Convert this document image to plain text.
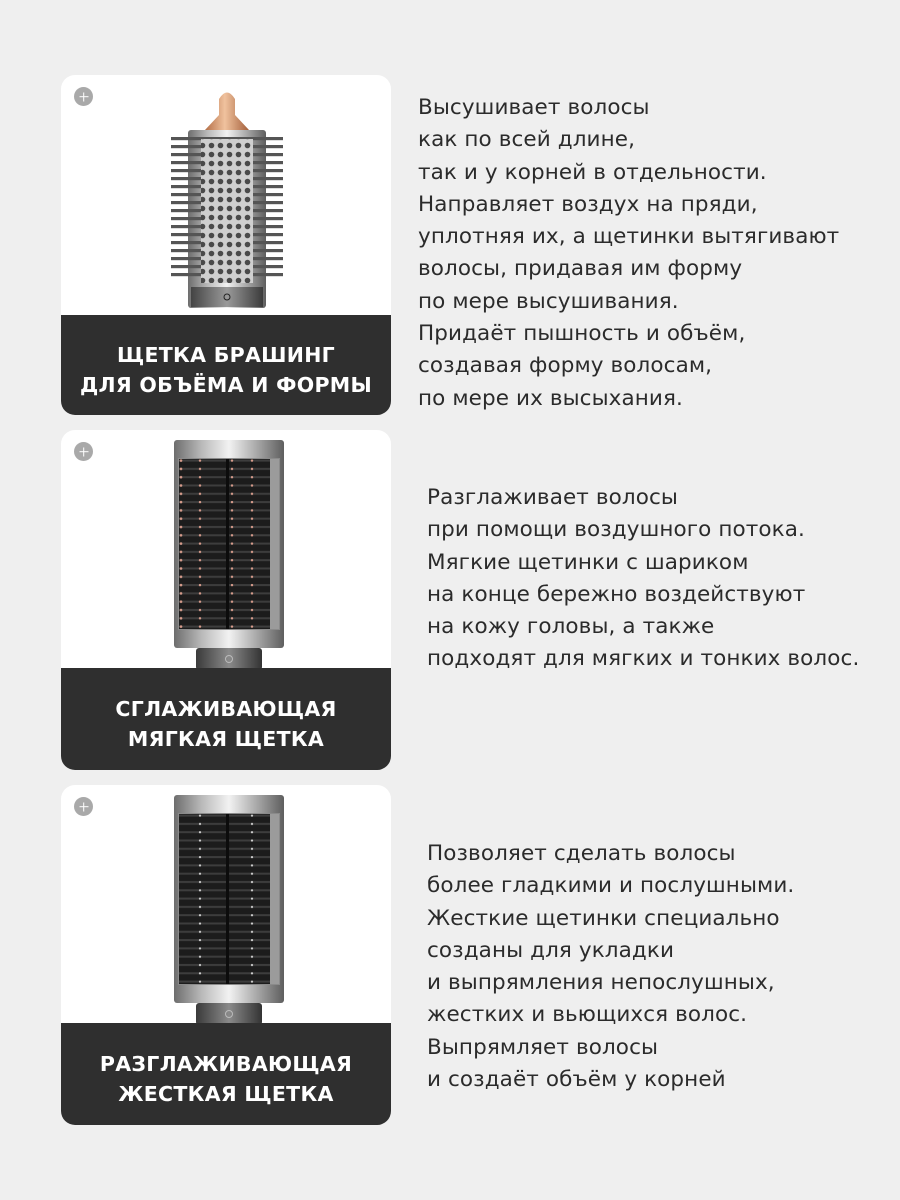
ЩЕТКА БРАШИНГ
ДЛЯ ОБЪЁМА И ФОРМЫ
Высушивает волосы
как по всей длине,
так и у корней в отдельности.
Направляет воздух на пряди,
уплотняя их, а щетинки вытягивают
волосы, придавая им форму
по мере высушивания.
Придаёт пышность и объём,
создавая форму волосам,
по мере их высыхания.
СГЛАЖИВАЮЩАЯ
МЯГКАЯ ЩЕТКА
Разглаживает волосы
при помощи воздушного потока.
Мягкие щетинки с шариком
на конце бережно воздействуют
на кожу головы, а также
подходят для мягких и тонких волос.
РАЗГЛАЖИВАЮЩАЯ
ЖЕСТКАЯ ЩЕТКА
Позволяет сделать волосы
более гладкими и послушными.
Жесткие щетинки специально
созданы для укладки
и выпрямления непослушных,
жестких и вьющихся волос.
Выпрямляет волосы
и создаёт объём у корней
